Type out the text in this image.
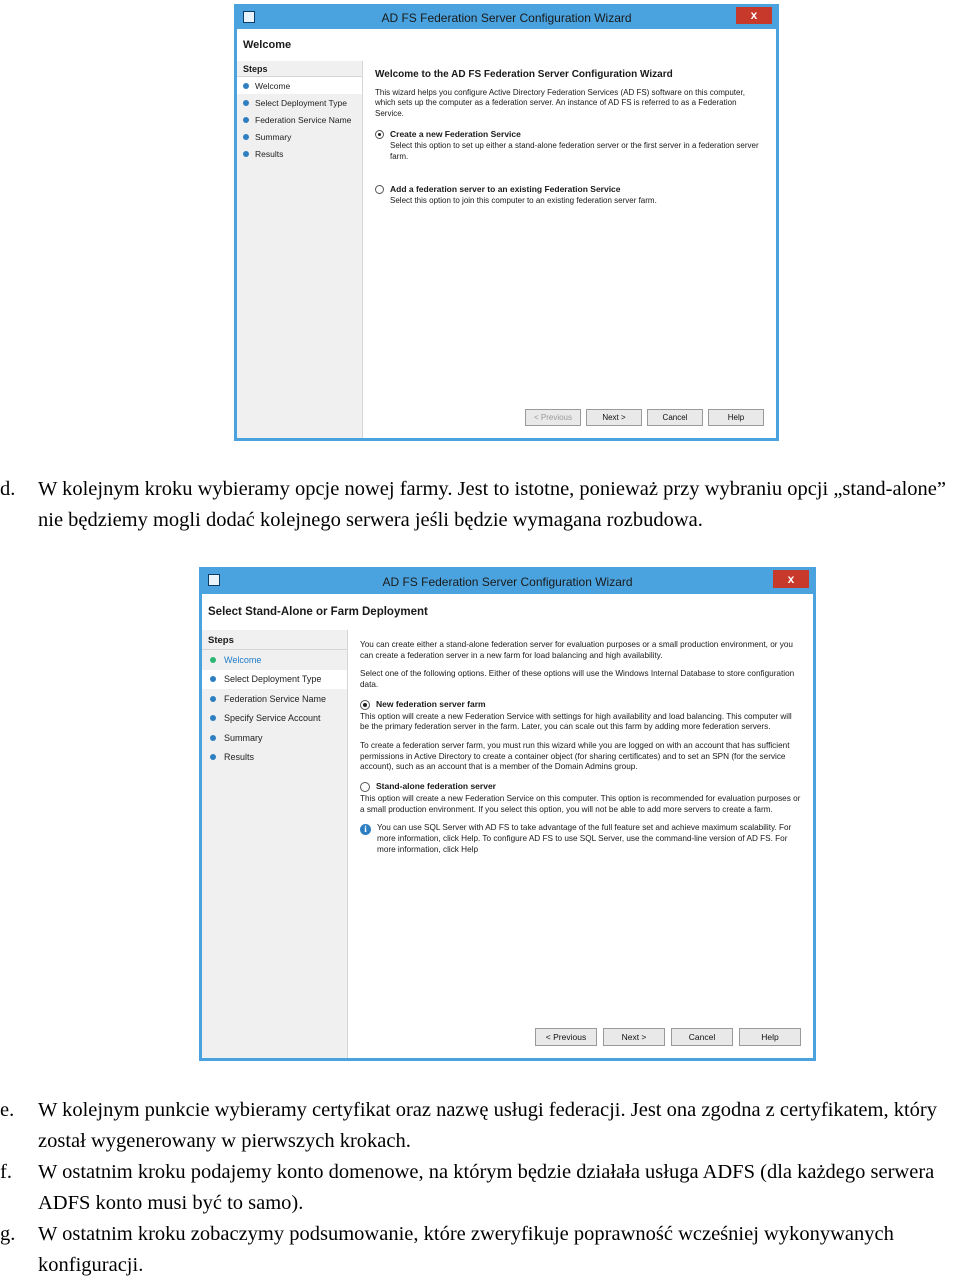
AD FS Federation Server Configuration Wizard	x
Welcome
Steps
Welcome
Select Deployment Type
Federation Service Name
Summary
Results
Welcome to the AD FS Federation Server Configuration Wizard

This wizard helps you configure Active Directory Federation Services (AD FS) software on this computer, which sets up the computer as a federation server. An instance of AD FS is referred to as a Federation Service.

Create a new Federation Service
Select this option to set up either a stand-alone federation server or the first server in a federation server farm.
Add a federation server to an existing Federation Service
Select this option to join this computer to an existing federation server farm.
< Previous	Next >	Cancel	Help
d. W kolejnym kroku wybieramy opcje nowej farmy. Jest to istotne, ponieważ przy wybraniu opcji „stand-alone” nie będziemy mogli dodać kolejnego serwera jeśli będzie wymagana rozbudowa.
AD FS Federation Server Configuration Wizard	x
Select Stand-Alone or Farm Deployment
Steps
Welcome
Select Deployment Type
Federation Service Name
Specify Service Account
Summary
Results

You can create either a stand-alone federation server for evaluation purposes or a small production environment, or you can create a federation server in a new farm for load balancing and high availability.

Select one of the following options. Either of these options will use the Windows Internal Database to store configuration data.

New federation server farm

This option will create a new Federation Service with settings for high availability and load balancing. This computer will be the primary federation server in the farm. Later, you can scale out this farm by adding more federation servers.

To create a federation server farm, you must run this wizard while you are logged on with an account that has sufficient permissions in Active Directory to create a container object (for sharing certificates) and to set an SPN (for the service account), such as an account that is a member of the Domain Admins group.

Stand-alone federation server

This option will create a new Federation Service on this computer. This option is recommended for evaluation purposes or a small production environment. If you select this option, you will not be able to add more servers to create a farm.

i	You can use SQL Server with AD FS to take advantage of the full feature set and achieve maximum scalability. For more information, click Help. To configure AD FS to use SQL Server, use the command-line version of AD FS. For more information, click Help
< Previous	Next >	Cancel	Help
e. W kolejnym punkcie wybieramy certyfikat oraz nazwę usługi federacji. Jest ona zgodna z certyfikatem, który został wygenerowany w pierwszych krokach.
f. W ostatnim kroku podajemy konto domenowe, na którym będzie działała usługa ADFS (dla każdego serwera ADFS konto musi być to samo).
g. W ostatnim kroku zobaczymy podsumowanie, które zweryfikuje poprawność wcześniej wykonywanych konfiguracji.
